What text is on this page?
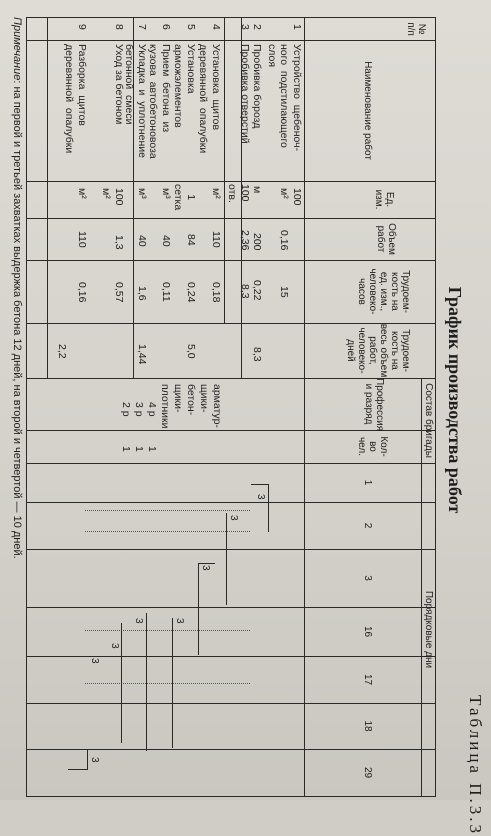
Таблица П.3.3
График производства работ
№
п/п
Наименование работ
Ед.
изм.
Объем
работ
Трудоем-
кость на
ед. изм.,
человеко-
часов
Трудоем-
кость на
весь объем
работ,
человеко-
дней
Состав бригады
Профессия
и разряд
Кол-
во
чел.
Порядковые дни
1
2
3
16
17
18
29
1
Устройство  щебеноч-
ного  подстилающего
слоя
100
м²
0,16
15
2
Пробивка борозд
м
200
0,22
8,3
3
Пробивка отверстий
100
отв.
2,36
8,3
4
Установка  щитов
деревянной  опалубки
м²
110
0,18
5
Установка
арможэлементов
1
сетка
84
0,24
5,0
6
Прием  бетона  из
кузова  автобетоновоза
м³
40
0,11
7
Укладка  и  уплотнение
бетонной  смеси
м³
40
1,6
1,44
8
Уход за бетоном
100
м²
1,3
0,57
9
Разборка  щитов
деревянной  опалубки
м²
110
0,16
2,2
арматур-
щики-
бетон-
щики-
плотники
4 р
3 р
2 р
1
1
1
3
3
3
3
3
3
3
3
Примечание: на первой и третьей захватках выдержка бетона 12 дней, на второй и четвертой — 10 дней.
